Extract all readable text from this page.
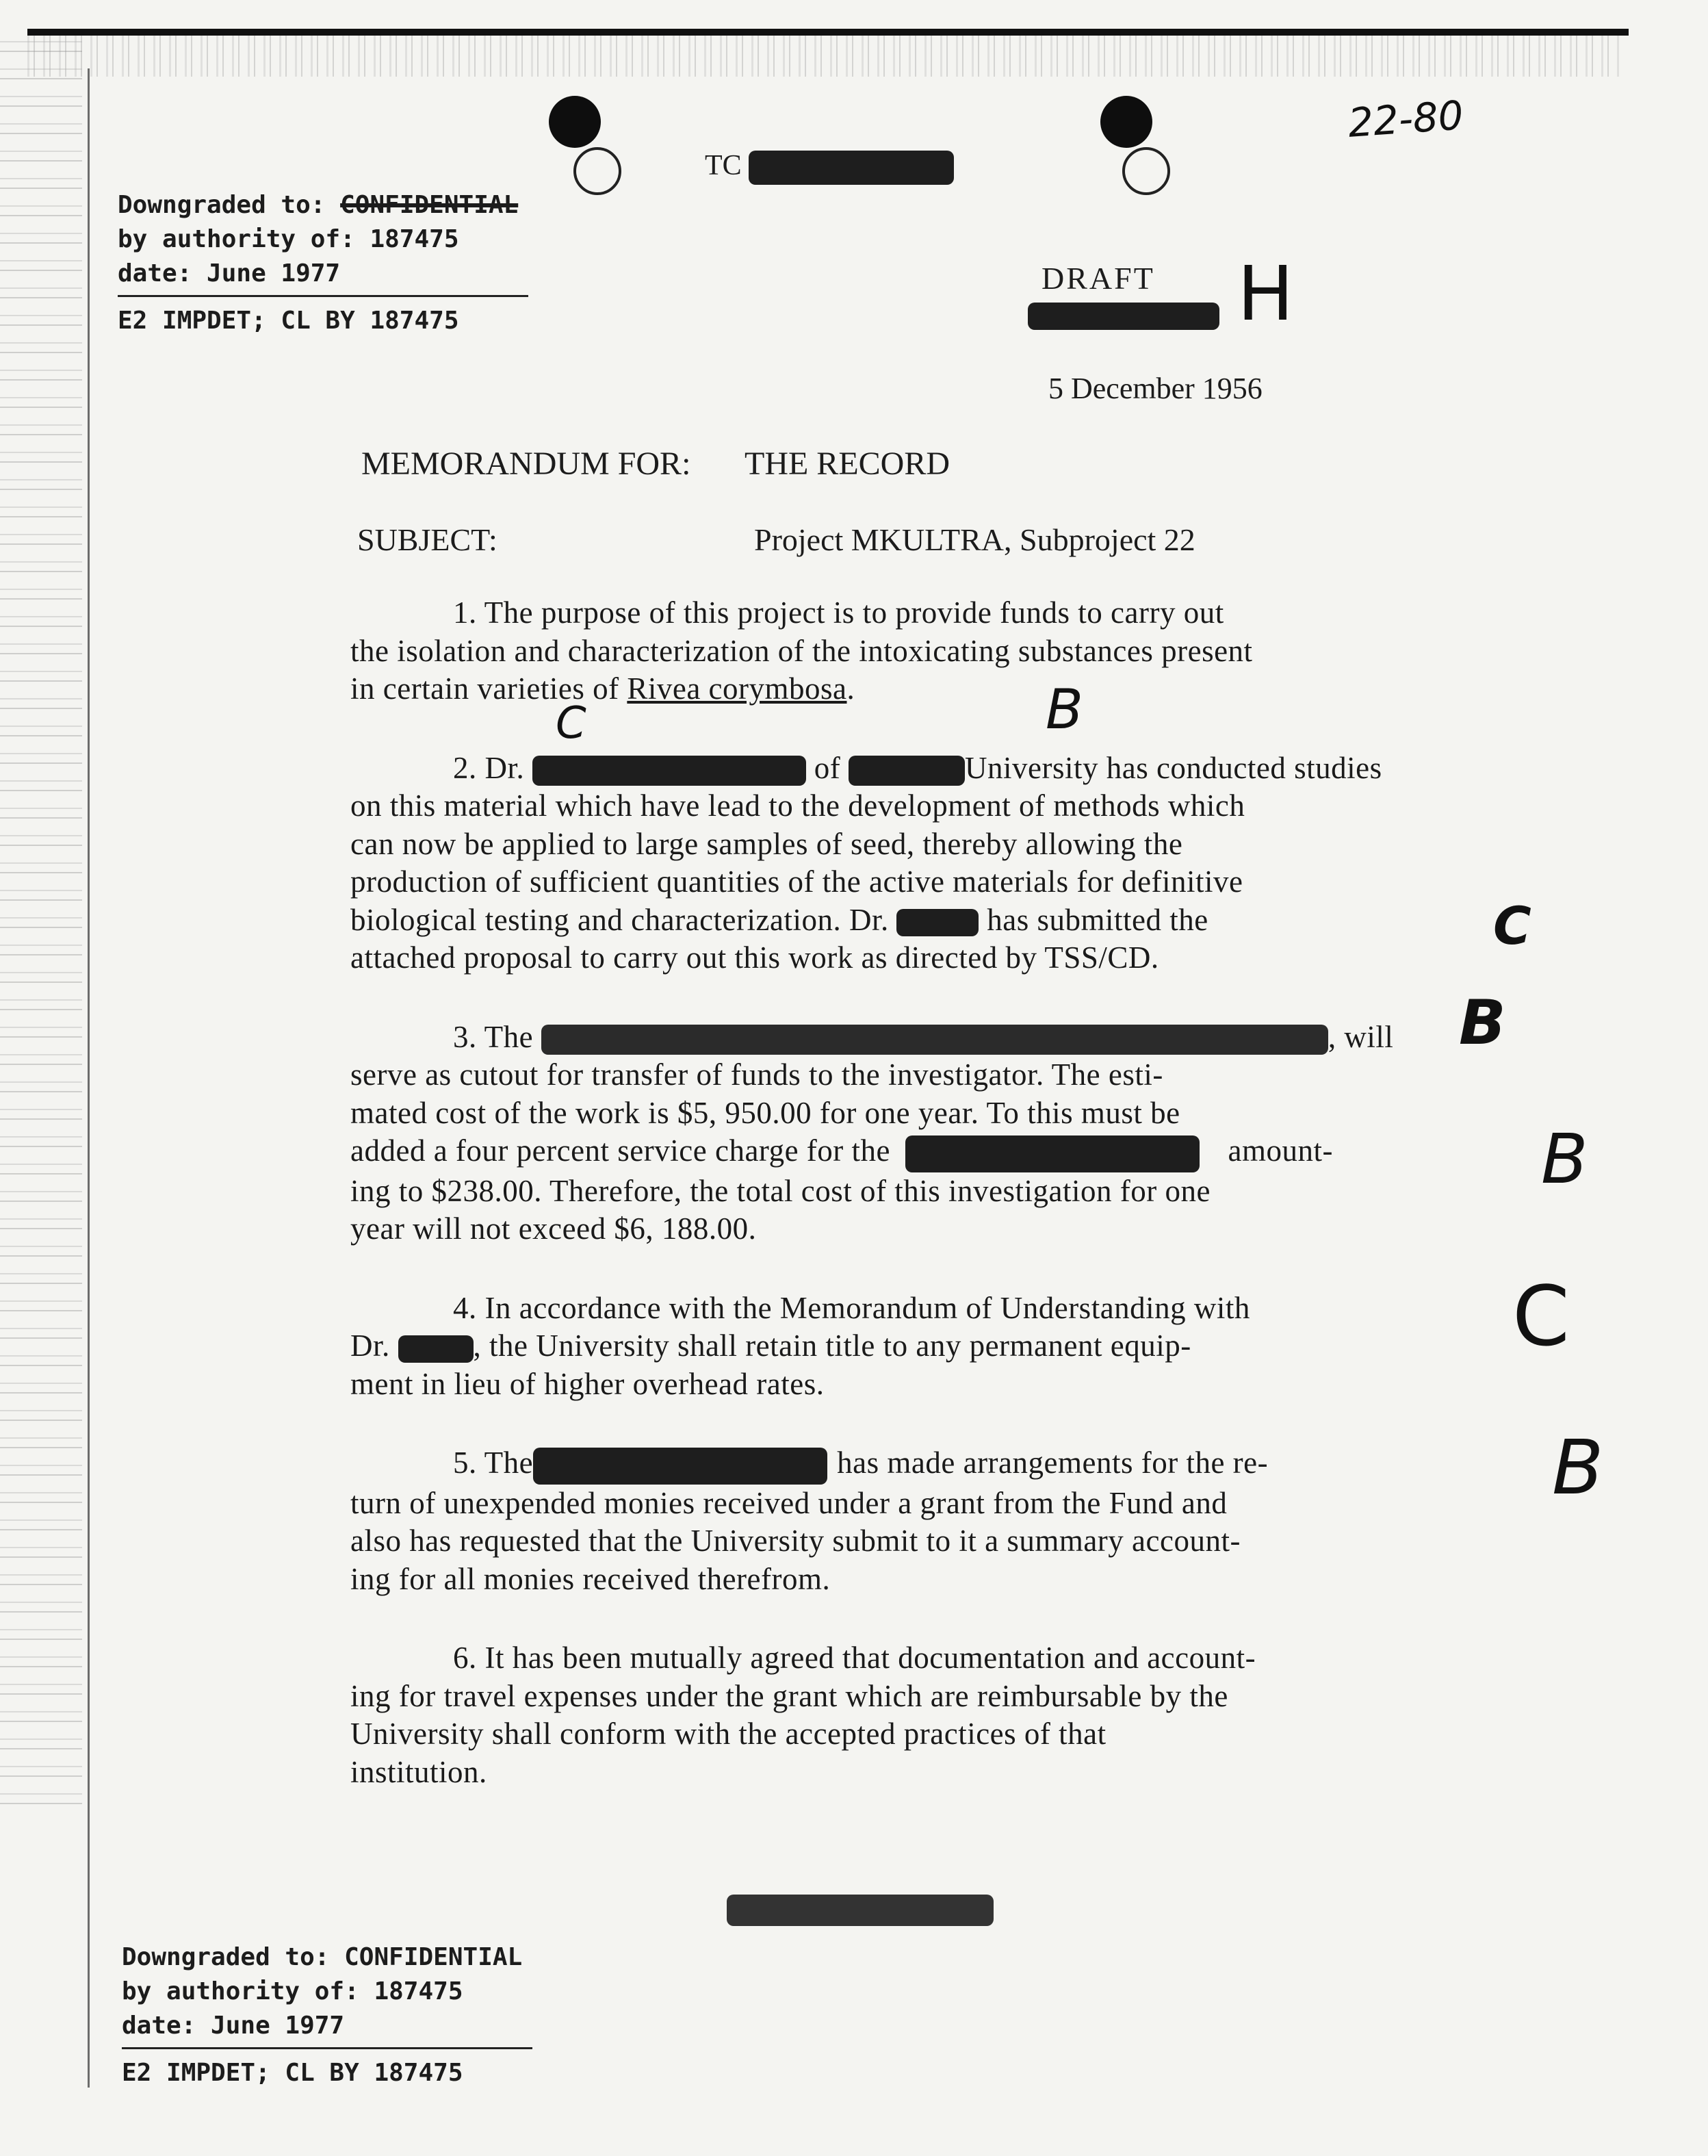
22-80
TC
Downgraded to: CONFIDENTIAL
by authority of: 187475
date: June 1977
E2 IMPDET; CL BY 187475
DRAFT H
5 December 1956
MEMORANDUM FOR: THE RECORD
SUBJECT:	Project MKULTRA, Subproject 22
1. The purpose of this project is to provide funds to carry out
the isolation and characterization of the intoxicating substances present
in certain varieties of Rivea corymbosa.
2. Dr.	of	University has conducted studies
on this material which have lead to the development of methods which
can now be applied to large samples of seed, thereby allowing the
production of sufficient quantities of the active materials for definitive
biological testing and characterization. Dr.	has submitted the
attached proposal to carry out this work as directed by TSS/CD.
3. The	, will
serve as cutout for transfer of funds to the investigator. The esti-
mated cost of the work is $5, 950.00 for one year. To this must be
added a four percent service charge for the	amount-
ing to $238.00. Therefore, the total cost of this investigation for one
year will not exceed $6, 188.00.
4. In accordance with the Memorandum of Understanding with
Dr.	, the University shall retain title to any permanent equip-
ment in lieu of higher overhead rates.
5. The	has made arrangements for the re-
turn of unexpended monies received under a grant from the Fund and
also has requested that the University submit to it a summary account-
ing for all monies received therefrom.
6. It has been mutually agreed that documentation and account-
ing for travel expenses under the grant which are reimbursable by the
University shall conform with the accepted practices of that
institution.
C	B
C
B
B
C
B
Downgraded to: CONFIDENTIAL
by authority of: 187475
date: June 1977
E2 IMPDET; CL BY 187475
